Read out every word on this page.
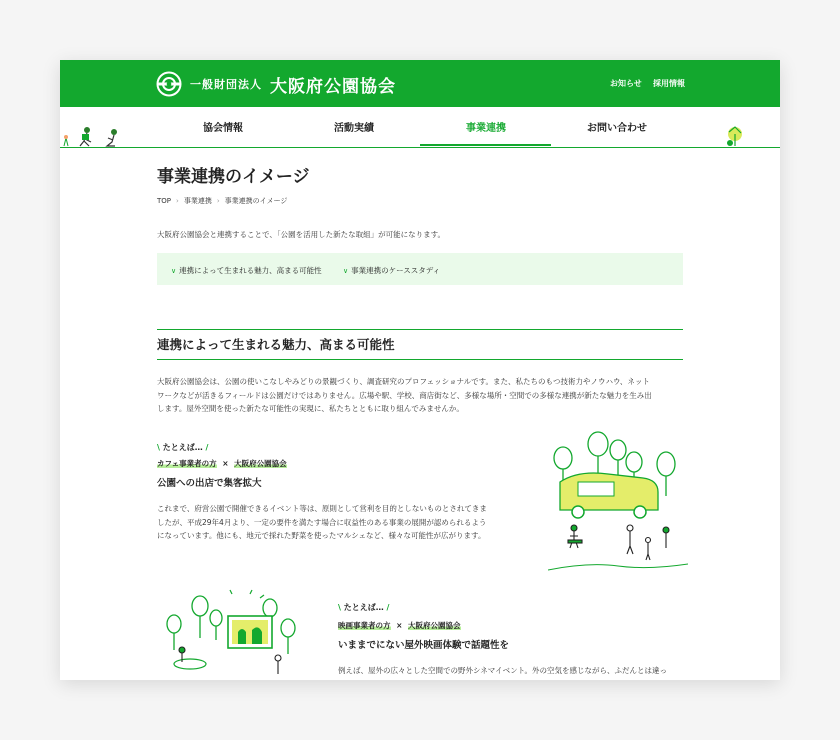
一般財団法人 大阪府公園協会	お知らせ 採用情報
協会情報	活動実績	事業連携	お問い合わせ
事業連携のイメージ
TOP › 事業連携 › 事業連携のイメージ
大阪府公園協会と連携することで、「公園を活用した新たな取組」が可能になります。
∨ 連携によって生まれる魅力、高まる可能性	∨ 事業連携のケーススタディ
連携によって生まれる魅力、高まる可能性
大阪府公園協会は、公園の使いこなしやみどりの景観づくり、調査研究のプロフェッショナルです。また、私たちのもつ技術力やノウハウ、ネット
ワークなどが活きるフィールドは公園だけではありません。広場や駅、学校、商店街など、多様な場所・空間での多様な連携が新たな魅力を生み出
します。屋外空間を使った新たな可能性の実現に、私たちとともに取り組んでみませんか。
\ たとえば… /
カフェ事業者の方 × 大阪府公園協会
公園への出店で集客拡大
これまで、府営公園で開催できるイベント等は、原則として営利を目的としないものとされてきま
したが、平成29年4月より、一定の要件を満たす場合に収益性のある事業の展開が認められるよう
になっています。他にも、地元で採れた野菜を使ったマルシェなど、様々な可能性が広がります。
\ たとえば… /
映画事業者の方 × 大阪府公園協会
いままでにない屋外映画体験で話題性を
例えば、屋外の広々とした空間での野外シネマイベント。外の空気を感じながら、ふだんとは違っ
